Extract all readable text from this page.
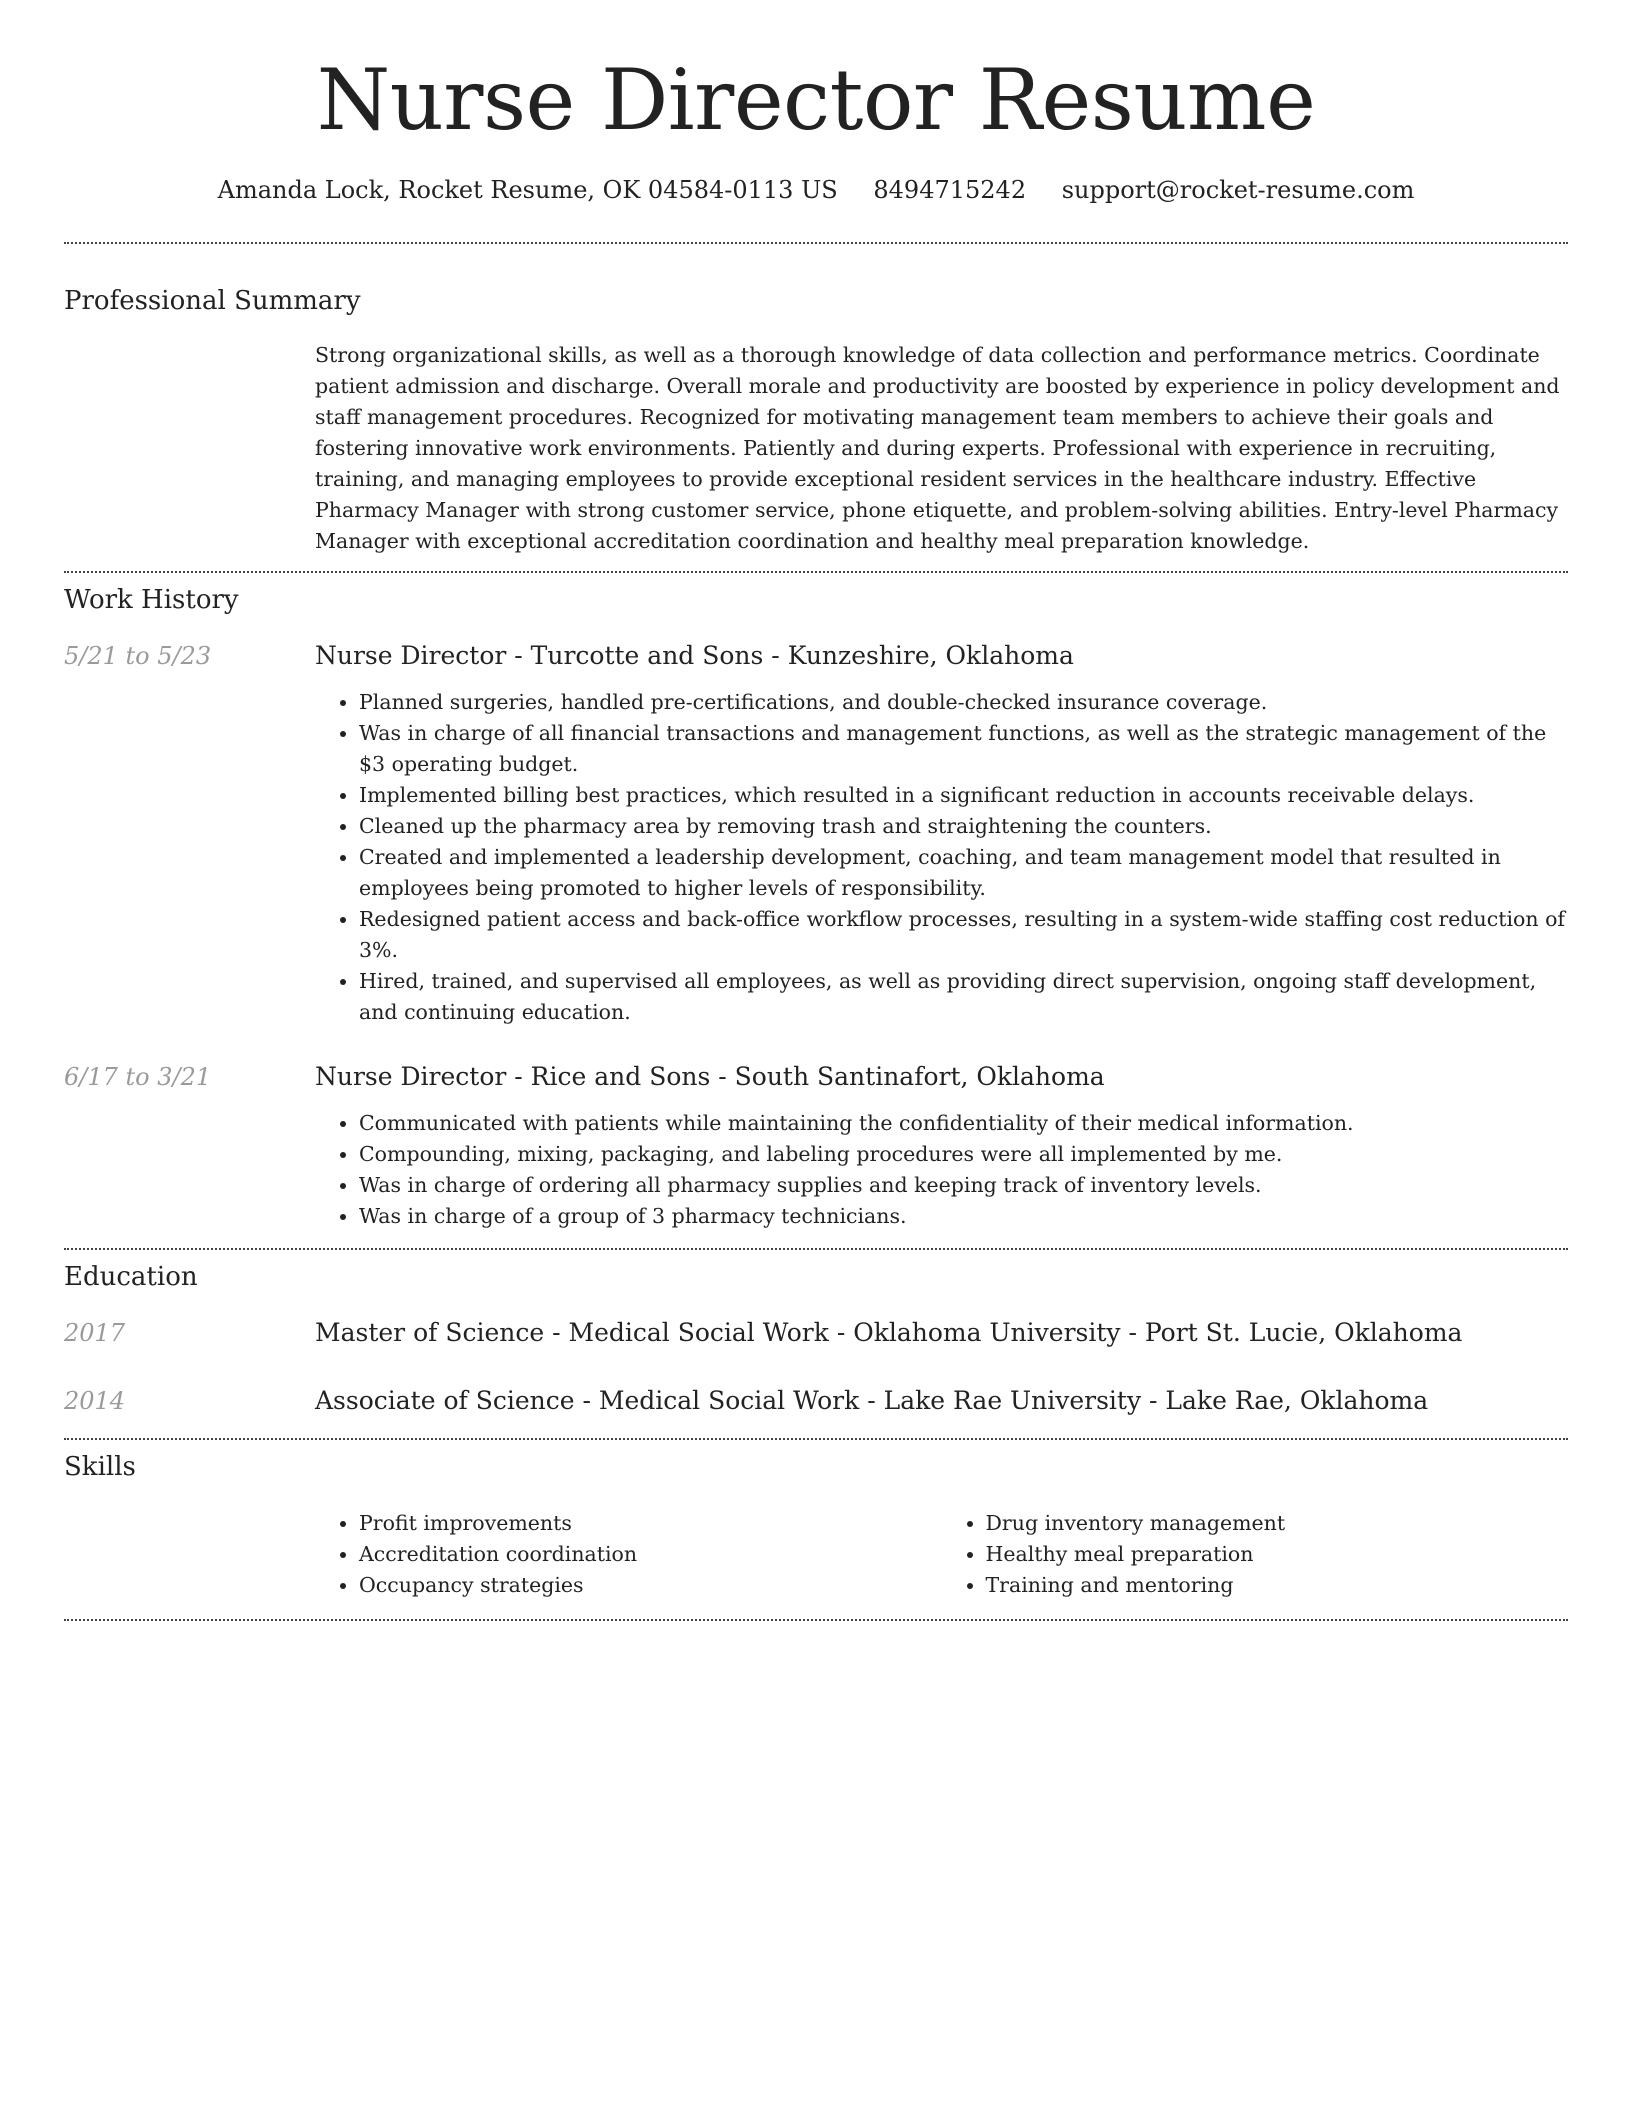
Nurse Director Resume
Amanda Lock, Rocket Resume, OK 04584-0113 US 8494715242 support@rocket-resume.com
Professional Summary

Strong organizational skills, as well as a thorough knowledge of data collection and performance metrics. Coordinate patient admission and discharge. Overall morale and productivity are boosted by experience in policy development and staff management procedures. Recognized for motivating management team members to achieve their goals and fostering innovative work environments. Patiently and during experts. Professional with experience in recruiting, training, and managing employees to provide exceptional resident services in the healthcare industry. Effective Pharmacy Manager with strong customer service, phone etiquette, and problem-solving abilities. Entry-level Pharmacy Manager with exceptional accreditation coordination and healthy meal preparation knowledge.

Work History
5/21 to 5/23	Nurse Director - Turcotte and Sons - Kunzeshire, Oklahoma
• Planned surgeries, handled pre-certifications, and double-checked insurance coverage.
• Was in charge of all financial transactions and management functions, as well as the strategic management of the $3 operating budget.
• Implemented billing best practices, which resulted in a significant reduction in accounts receivable delays.
• Cleaned up the pharmacy area by removing trash and straightening the counters.
• Created and implemented a leadership development, coaching, and team management model that resulted in employees being promoted to higher levels of responsibility.
• Redesigned patient access and back-office workflow processes, resulting in a system-wide staffing cost reduction of 3%.
• Hired, trained, and supervised all employees, as well as providing direct supervision, ongoing staff development, and continuing education.
6/17 to 3/21	Nurse Director - Rice and Sons - South Santinafort, Oklahoma
• Communicated with patients while maintaining the confidentiality of their medical information.
• Compounding, mixing, packaging, and labeling procedures were all implemented by me.
• Was in charge of ordering all pharmacy supplies and keeping track of inventory levels.
• Was in charge of a group of 3 pharmacy technicians.
Education
2017	Master of Science - Medical Social Work - Oklahoma University - Port St. Lucie, Oklahoma
2014	Associate of Science - Medical Social Work - Lake Rae University - Lake Rae, Oklahoma
Skills
• Profit improvements
• Accreditation coordination
• Occupancy strategies
• Drug inventory management
• Healthy meal preparation
• Training and mentoring
